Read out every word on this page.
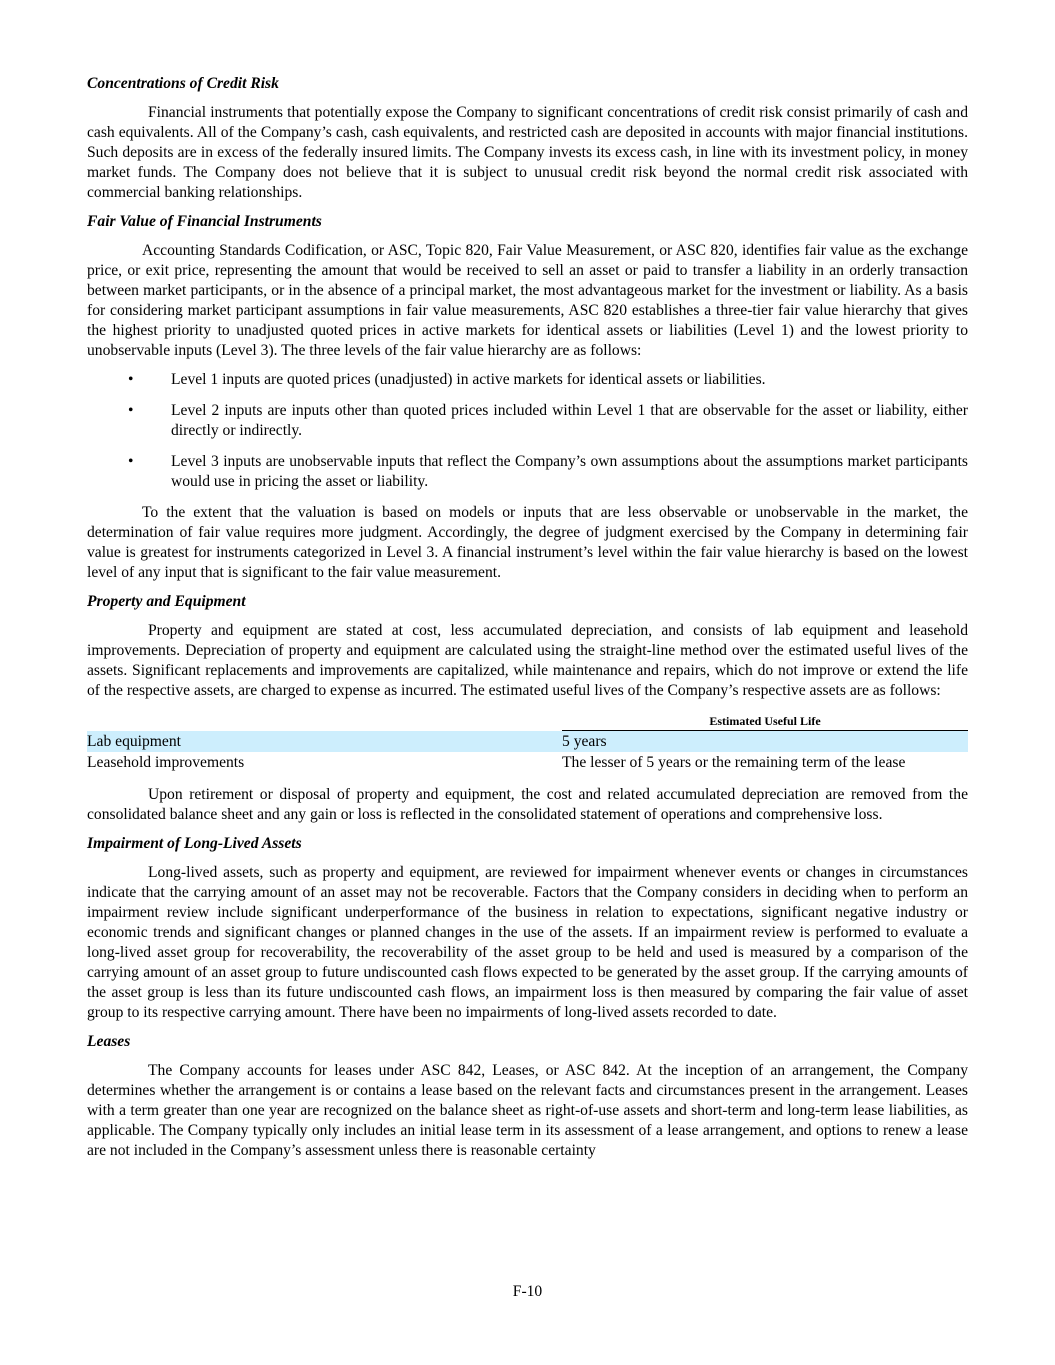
Concentrations of Credit Risk

Financial instruments that potentially expose the Company to significant concentrations of credit risk consist primarily of cash and cash equivalents. All of the Company’s cash, cash equivalents, and restricted cash are deposited in accounts with major financial institutions. Such deposits are in excess of the federally insured limits. The Company invests its excess cash, in line with its investment policy, in money market funds. The Company does not believe that it is subject to unusual credit risk beyond the normal credit risk associated with commercial banking relationships.

Fair Value of Financial Instruments

Accounting Standards Codification, or ASC, Topic 820, Fair Value Measurement, or ASC 820, identifies fair value as the exchange price, or exit price, representing the amount that would be received to sell an asset or paid to transfer a liability in an orderly transaction between market participants, or in the absence of a principal market, the most advantageous market for the investment or liability. As a basis for considering market participant assumptions in fair value measurements, ASC 820 establishes a three-tier fair value hierarchy that gives the highest priority to unadjusted quoted prices in active markets for identical assets or liabilities (Level 1) and the lowest priority to unobservable inputs (Level 3). The three levels of the fair value hierarchy are as follows:

• Level 1 inputs are quoted prices (unadjusted) in active markets for identical assets or liabilities.
• Level 2 inputs are inputs other than quoted prices included within Level 1 that are observable for the asset or liability, either directly or indirectly.
• Level 3 inputs are unobservable inputs that reflect the Company’s own assumptions about the assumptions market participants would use in pricing the asset or liability.

To the extent that the valuation is based on models or inputs that are less observable or unobservable in the market, the determination of fair value requires more judgment. Accordingly, the degree of judgment exercised by the Company in determining fair value is greatest for instruments categorized in Level 3. A financial instrument’s level within the fair value hierarchy is based on the lowest level of any input that is significant to the fair value measurement.

Property and Equipment

Property and equipment are stated at cost, less accumulated depreciation, and consists of lab equipment and leasehold improvements. Depreciation of property and equipment are calculated using the straight-line method over the estimated useful lives of the assets. Significant replacements and improvements are capitalized, while maintenance and repairs, which do not improve or extend the life of the respective assets, are charged to expense as incurred. The estimated useful lives of the Company’s respective assets are as follows:

	Estimated Useful Life
Lab equipment	5 years
Leasehold improvements	The lesser of 5 years or the remaining term of the lease

Upon retirement or disposal of property and equipment, the cost and related accumulated depreciation are removed from the consolidated balance sheet and any gain or loss is reflected in the consolidated statement of operations and comprehensive loss.

Impairment of Long-Lived Assets

Long-lived assets, such as property and equipment, are reviewed for impairment whenever events or changes in circumstances indicate that the carrying amount of an asset may not be recoverable. Factors that the Company considers in deciding when to perform an impairment review include significant underperformance of the business in relation to expectations, significant negative industry or economic trends and significant changes or planned changes in the use of the assets. If an impairment review is performed to evaluate a long-lived asset group for recoverability, the recoverability of the asset group to be held and used is measured by a comparison of the carrying amount of an asset group to future undiscounted cash flows expected to be generated by the asset group. If the carrying amounts of the asset group is less than its future undiscounted cash flows, an impairment loss is then measured by comparing the fair value of asset group to its respective carrying amount. There have been no impairments of long-lived assets recorded to date.

Leases

The Company accounts for leases under ASC 842, Leases, or ASC 842. At the inception of an arrangement, the Company determines whether the arrangement is or contains a lease based on the relevant facts and circumstances present in the arrangement. Leases with a term greater than one year are recognized on the balance sheet as right-of-use assets and short-term and long-term lease liabilities, as applicable. The Company typically only includes an initial lease term in its assessment of a lease arrangement, and options to renew a lease are not included in the Company’s assessment unless there is reasonable certainty

F-10
